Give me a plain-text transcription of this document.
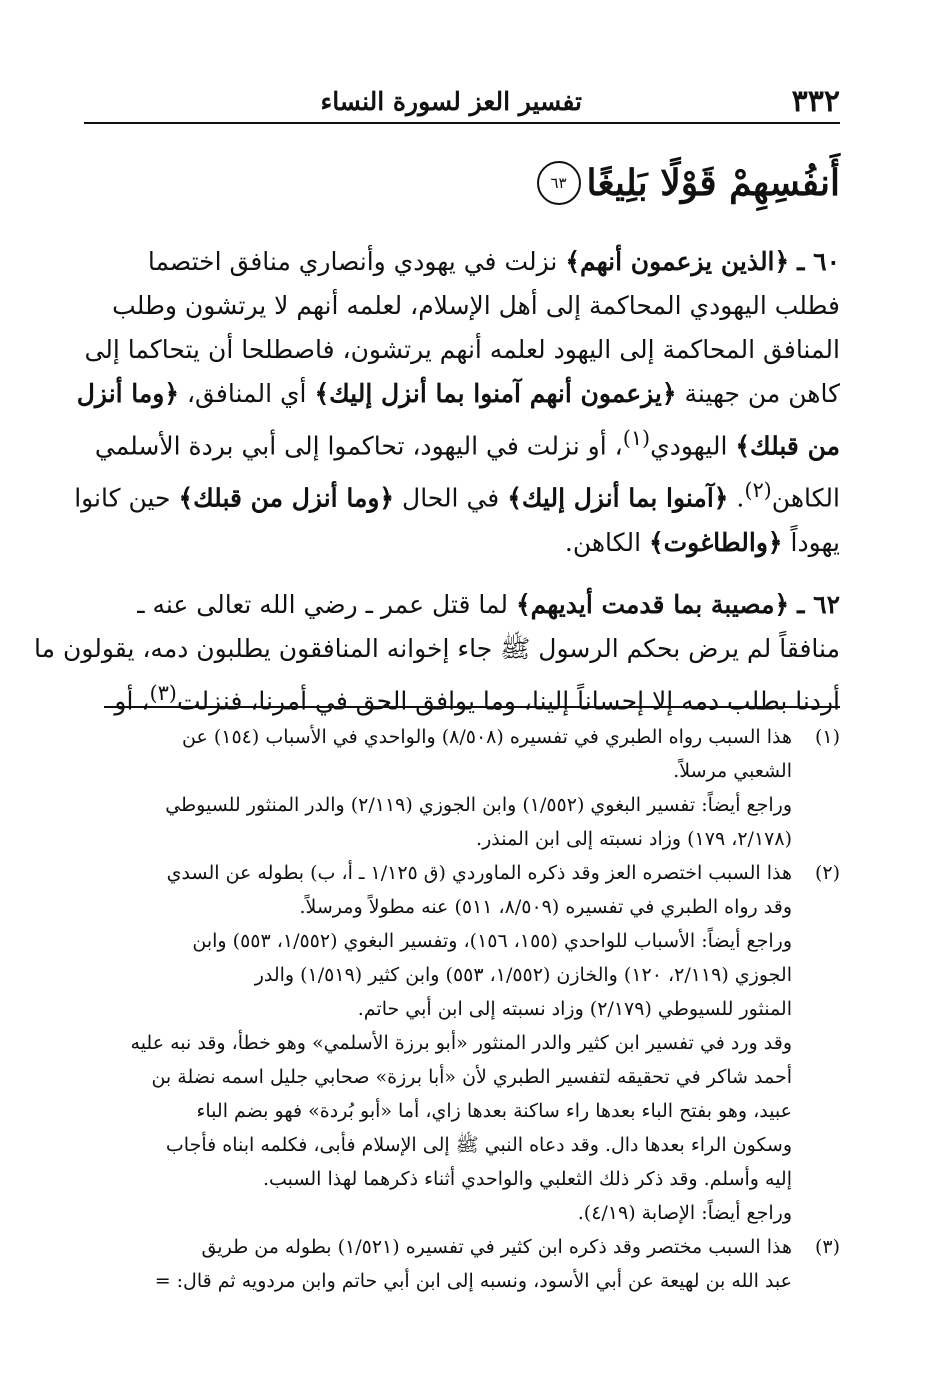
٣٣٢
تفسير العز لسورة النساء
أَنفُسِهِمْ قَوْلًا بَلِيغًا
٦٣

٦٠ ـ ﴿الذين يزعمون أنهم﴾ نزلت في يهودي وأنصاري منافق اختصما
فطلب اليهودي المحاكمة إلى أهل الإسلام، لعلمه أنهم لا يرتشون وطلب
المنافق المحاكمة إلى اليهود لعلمه أنهم يرتشون، فاصطلحا أن يتحاكما إلى
كاهن من جهينة ﴿يزعمون أنهم آمنوا بما أنزل إليك﴾ أي المنافق، ﴿وما أنزل
من قبلك﴾ اليهودي$^{(١)}$، أو نزلت في اليهود، تحاكموا إلى أبي بردة الأسلمي
الكاهن$^{(٢)}$. ﴿آمنوا بما أنزل إليك﴾ في الحال ﴿وما أنزل من قبلك﴾ حين كانوا
يهوداً ﴿والطاغوت﴾ الكاهن.

٦٢ ـ ﴿مصيبة بما قدمت أيديهم﴾ لما قتل عمر ـ رضي الله تعالى عنه ـ
منافقاً لم يرض بحكم الرسول ﷺ جاء إخوانه المنافقون يطلبون دمه، يقولون ما
أردنا بطلب دمه إلا إحساناً إلينا، وما يوافق الحق في أمرنا، فنزلت$^{(٣)}$، أو

(١)
هذا السبب رواه الطبري في تفسيره (٨/٥٠٨) والواحدي في الأسباب (١٥٤) عن
الشعبي مرسلاً.
وراجع أيضاً: تفسير البغوي (١/٥٥٢) وابن الجوزي (٢/١١٩) والدر المنثور للسيوطي
(٢/١٧٨، ١٧٩) وزاد نسبته إلى ابن المنذر.
(٢)
هذا السبب اختصره العز وقد ذكره الماوردي (ق ١/١٢٥ ـ أ، ب) بطوله عن السدي
وقد رواه الطبري في تفسيره (٨/٥٠٩، ٥١١) عنه مطولاً ومرسلاً.
وراجع أيضاً: الأسباب للواحدي (١٥٥، ١٥٦)، وتفسير البغوي (١/٥٥٢، ٥٥٣) وابن
الجوزي (٢/١١٩، ١٢٠) والخازن (١/٥٥٢، ٥٥٣) وابن كثير (١/٥١٩) والدر
المنثور للسيوطي (٢/١٧٩) وزاد نسبته إلى ابن أبي حاتم.
وقد ورد في تفسير ابن كثير والدر المنثور «أبو برزة الأسلمي» وهو خطأ، وقد نبه عليه
أحمد شاكر في تحقيقه لتفسير الطبري لأن «أبا برزة» صحابي جليل اسمه نضلة بن
عبيد، وهو بفتح الباء بعدها راء ساكنة بعدها زاي، أما «أبو بُردة» فهو بضم الباء
وسكون الراء بعدها دال. وقد دعاه النبي ﷺ إلى الإسلام فأبى، فكلمه ابناه فأجاب
إليه وأسلم. وقد ذكر ذلك الثعلبي والواحدي أثناء ذكرهما لهذا السبب.
وراجع أيضاً: الإصابة (٤/١٩).
(٣)
هذا السبب مختصر وقد ذكره ابن كثير في تفسيره (١/٥٢١) بطوله من طريق
عبد الله بن لهيعة عن أبي الأسود، ونسبه إلى ابن أبي حاتم وابن مردويه ثم قال: =
